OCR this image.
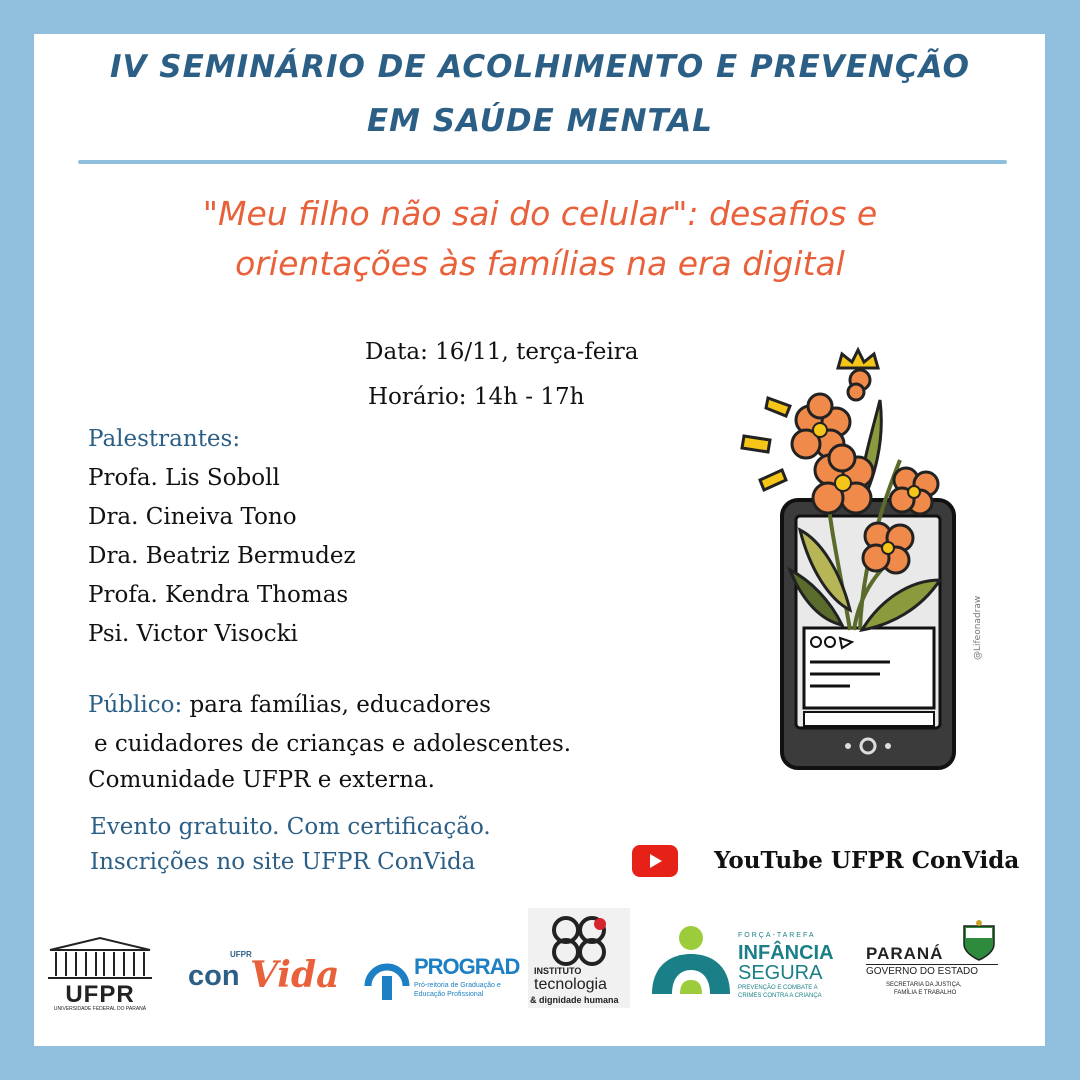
IV SEMINÁRIO DE ACOLHIMENTO E PREVENÇÃO
EM SAÚDE MENTAL
"Meu filho não sai do celular": desafios e
orientações às famílias na era digital
Data: 16/11, terça-feira
Horário: 14h - 17h
Palestrantes:
Profa. Lis Soboll
Dra. Cineiva Tono
Dra. Beatriz Bermudez
Profa. Kendra Thomas
Psi. Victor Visocki
Público: para famílias, educadores
e cuidadores de crianças e adolescentes.
Comunidade UFPR e externa.
Evento gratuito. Com certificação.
Inscrições no site UFPR ConVida	YouTube UFPR ConVida
@Lifeonadraw
UFPR
UNIVERSIDADE FEDERAL DO PARANÁ
UFPR
con Vida	PROGRAD
Pró-reitoria de Graduação e
Educação Profissional
INSTITUTO
tecnologia
& dignidade humana
FORÇA-TAREFA
INFÂNCIA
SEGURA
PREVENÇÃO E COMBATE A
CRIMES CONTRA A CRIANÇA
PARANÁ
GOVERNO DO ESTADO
SECRETARIA DA JUSTIÇA,
FAMÍLIA E TRABALHO
